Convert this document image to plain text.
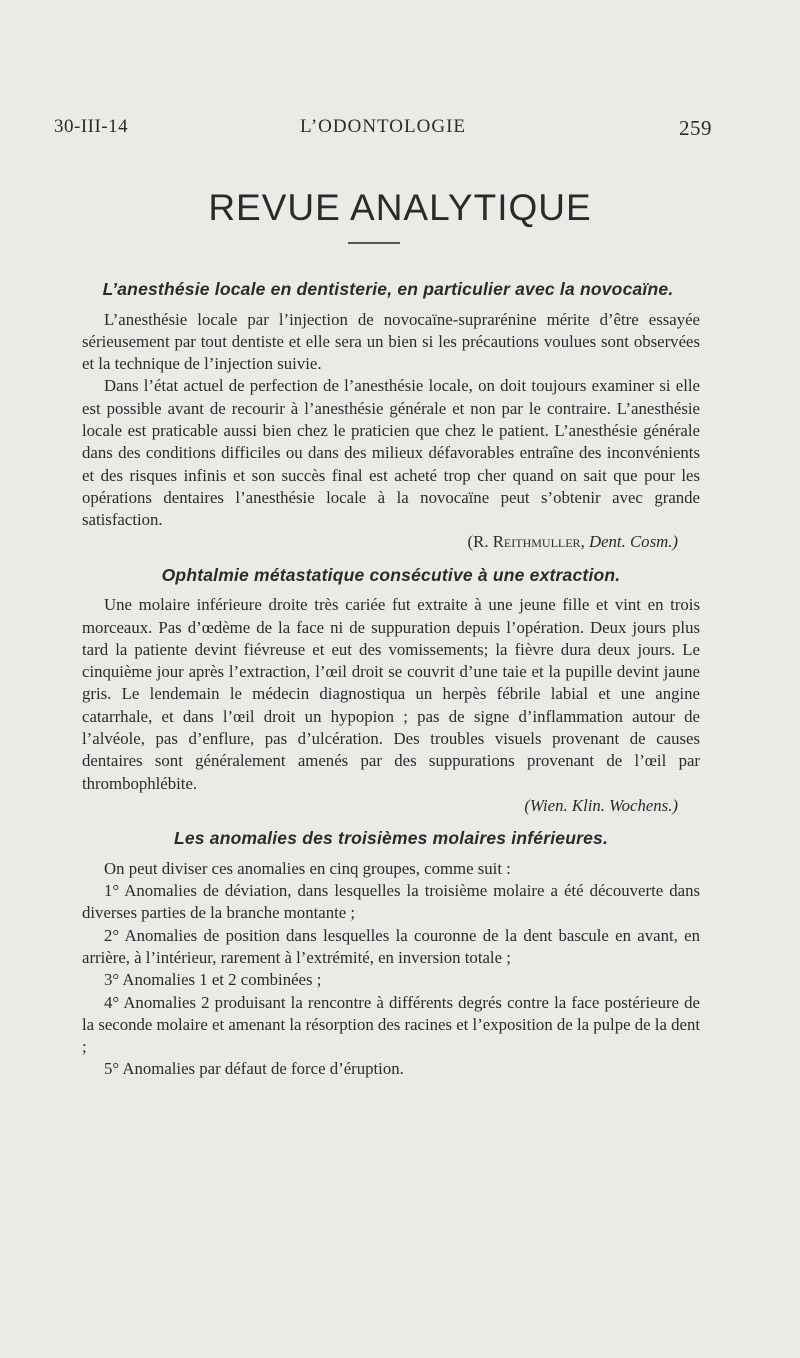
30-III-14	L’ODONTOLOGIE	259
REVUE ANALYTIQUE
L’anesthésie locale en dentisterie, en particulier avec la novocaïne.

L’anesthésie locale par l’injection de novocaïne-suprarénine mérite d’être essayée sérieusement par tout dentiste et elle sera un bien si les précautions voulues sont observées et la technique de l’injection suivie.

Dans l’état actuel de perfection de l’anesthésie locale, on doit toujours examiner si elle est possible avant de recourir à l’anesthésie générale et non par le contraire. L’anesthésie locale est praticable aussi bien chez le praticien que chez le patient. L’anesthésie générale dans des conditions difficiles ou dans des milieux défavorables entraîne des inconvénients et des risques infinis et son succès final est acheté trop cher quand on sait que pour les opérations dentaires l’anesthésie locale à la novocaïne peut s’obtenir avec grande satisfaction.

(R. Reithmuller, Dent. Cosm.)

Ophtalmie métastatique consécutive à une extraction.

Une molaire inférieure droite très cariée fut extraite à une jeune fille et vint en trois morceaux. Pas d’œdème de la face ni de suppuration depuis l’opération. Deux jours plus tard la patiente devint fiévreuse et eut des vomissements; la fièvre dura deux jours. Le cinquième jour après l’extraction, l’œil droit se couvrit d’une taie et la pupille devint jaune gris. Le lendemain le médecin diagnostiqua un herpès fébrile labial et une angine catarrhale, et dans l’œil droit un hypopion ; pas de signe d’inflammation autour de l’alvéole, pas d’enflure, pas d’ulcération. Des troubles visuels provenant de causes dentaires sont généralement amenés par des suppurations provenant de l’œil par thrombophlébite.

(Wien. Klin. Wochens.)

Les anomalies des troisièmes molaires inférieures.

On peut diviser ces anomalies en cinq groupes, comme suit :

1° Anomalies de déviation, dans lesquelles la troisième molaire a été découverte dans diverses parties de la branche montante ;

2° Anomalies de position dans lesquelles la couronne de la dent bascule en avant, en arrière, à l’intérieur, rarement à l’extrémité, en inversion totale ;

3° Anomalies 1 et 2 combinées ;

4° Anomalies 2 produisant la rencontre à différents degrés contre la face postérieure de la seconde molaire et amenant la résorption des racines et l’exposition de la pulpe de la dent ;

5° Anomalies par défaut de force d’éruption.
